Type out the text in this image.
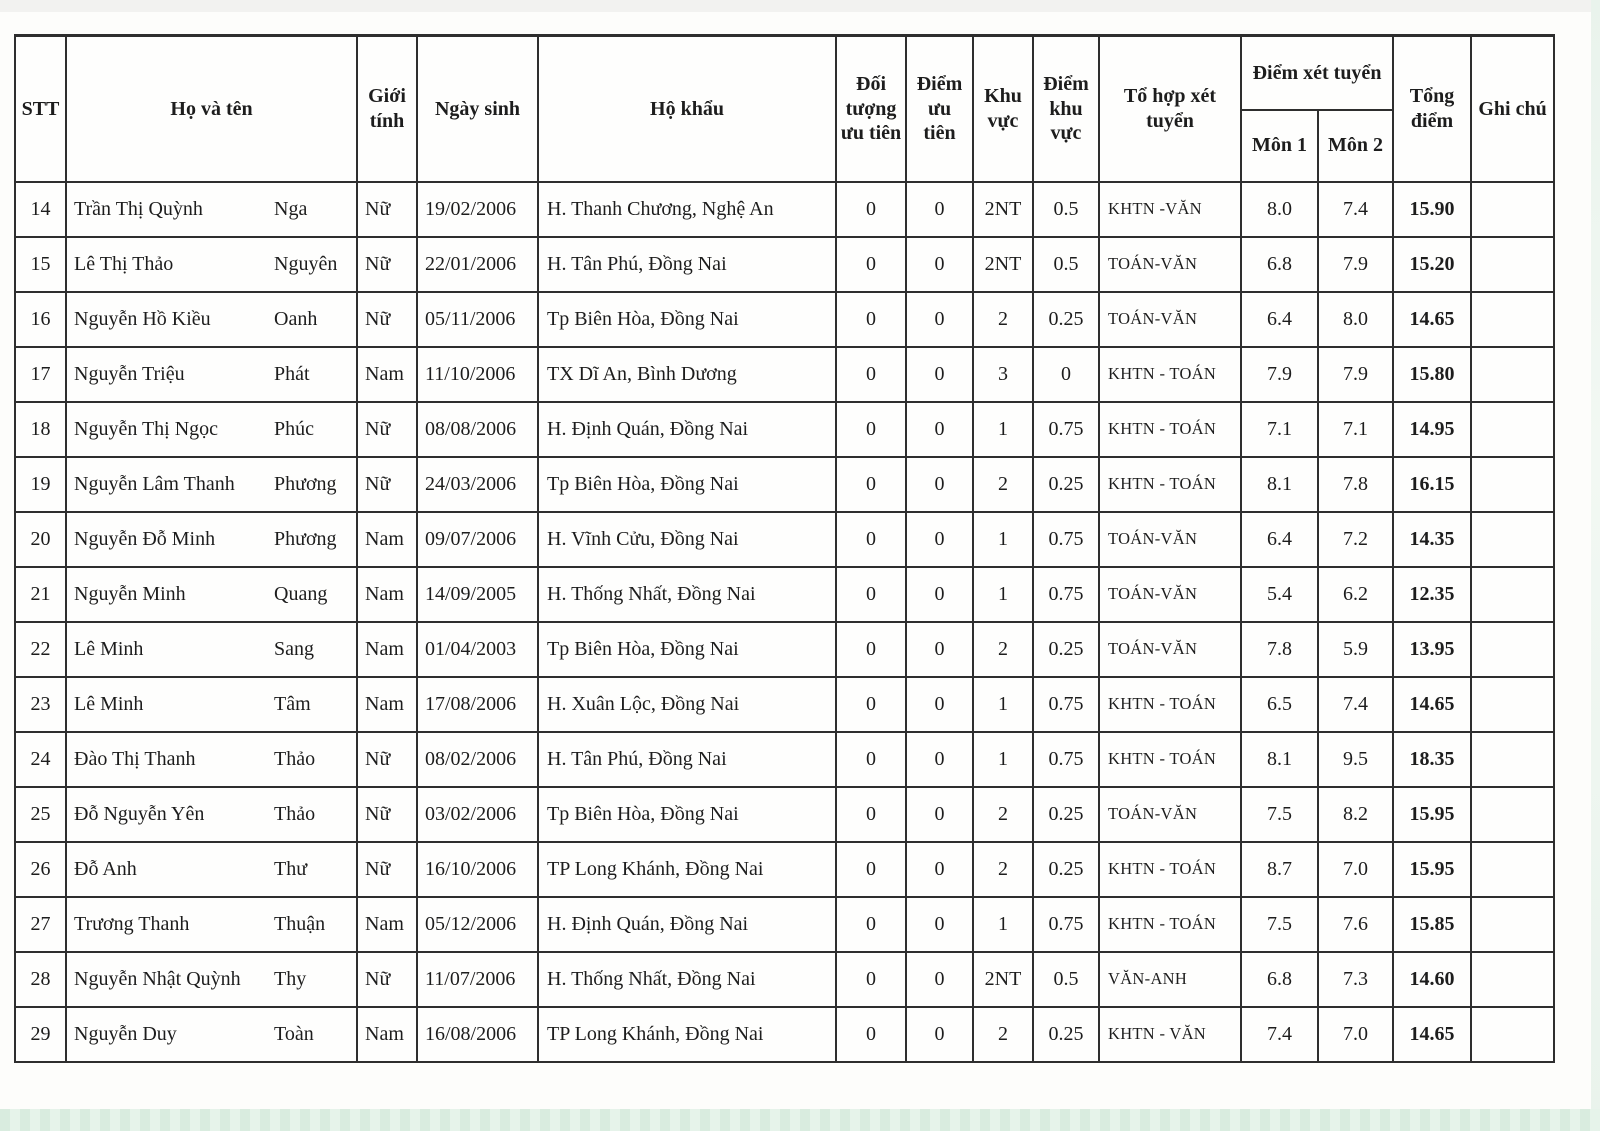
STT	Họ và tên	Giới tính	Ngày sinh	Hộ khẩu	Đối tượng ưu tiên	Điểm ưu tiên	Khu vực	Điểm khu vực	Tổ hợp xét tuyển	Điểm xét tuyển		Tổng điểm	Ghi chú
										Môn 1	Môn 2		
14	Trần Thị Quỳnh Nga	Nữ	19/02/2006	H. Thanh Chương, Nghệ An	0	0	2NT	0.5	KHTN -VĂN	8.0	7.4	15.90	
15	Lê Thị Thảo Nguyên	Nữ	22/01/2006	H. Tân Phú, Đồng Nai	0	0	2NT	0.5	TOÁN-VĂN	6.8	7.9	15.20	
16	Nguyễn Hồ Kiều Oanh	Nữ	05/11/2006	Tp Biên Hòa, Đồng Nai	0	0	2	0.25	TOÁN-VĂN	6.4	8.0	14.65	
17	Nguyễn Triệu Phát	Nam	11/10/2006	TX Dĩ An, Bình Dương	0	0	3	0	KHTN - TOÁN	7.9	7.9	15.80	
18	Nguyễn Thị Ngọc Phúc	Nữ	08/08/2006	H. Định Quán, Đồng Nai	0	0	1	0.75	KHTN - TOÁN	7.1	7.1	14.95	
19	Nguyễn Lâm Thanh Phương	Nữ	24/03/2006	Tp Biên Hòa, Đồng Nai	0	0	2	0.25	KHTN - TOÁN	8.1	7.8	16.15	
20	Nguyễn Đỗ Minh Phương	Nam	09/07/2006	H. Vĩnh Cửu, Đồng Nai	0	0	1	0.75	TOÁN-VĂN	6.4	7.2	14.35	
21	Nguyễn Minh Quang	Nam	14/09/2005	H. Thống Nhất, Đồng Nai	0	0	1	0.75	TOÁN-VĂN	5.4	6.2	12.35	
22	Lê Minh Sang	Nam	01/04/2003	Tp Biên Hòa, Đồng Nai	0	0	2	0.25	TOÁN-VĂN	7.8	5.9	13.95	
23	Lê Minh Tâm	Nam	17/08/2006	H. Xuân Lộc, Đồng Nai	0	0	1	0.75	KHTN - TOÁN	6.5	7.4	14.65	
24	Đào Thị Thanh Thảo	Nữ	08/02/2006	H. Tân Phú, Đồng Nai	0	0	1	0.75	KHTN - TOÁN	8.1	9.5	18.35	
25	Đỗ Nguyễn Yên Thảo	Nữ	03/02/2006	Tp Biên Hòa, Đồng Nai	0	0	2	0.25	TOÁN-VĂN	7.5	8.2	15.95	
26	Đỗ Anh Thư	Nữ	16/10/2006	TP Long Khánh, Đồng Nai	0	0	2	0.25	KHTN - TOÁN	8.7	7.0	15.95	
27	Trương Thanh Thuận	Nam	05/12/2006	H. Định Quán, Đồng Nai	0	0	1	0.75	KHTN - TOÁN	7.5	7.6	15.85	
28	Nguyễn Nhật Quỳnh Thy	Nữ	11/07/2006	H. Thống Nhất, Đồng Nai	0	0	2NT	0.5	VĂN-ANH	6.8	7.3	14.60	
29	Nguyễn Duy Toàn	Nam	16/08/2006	TP Long Khánh, Đồng Nai	0	0	2	0.25	KHTN - VĂN	7.4	7.0	14.65	
